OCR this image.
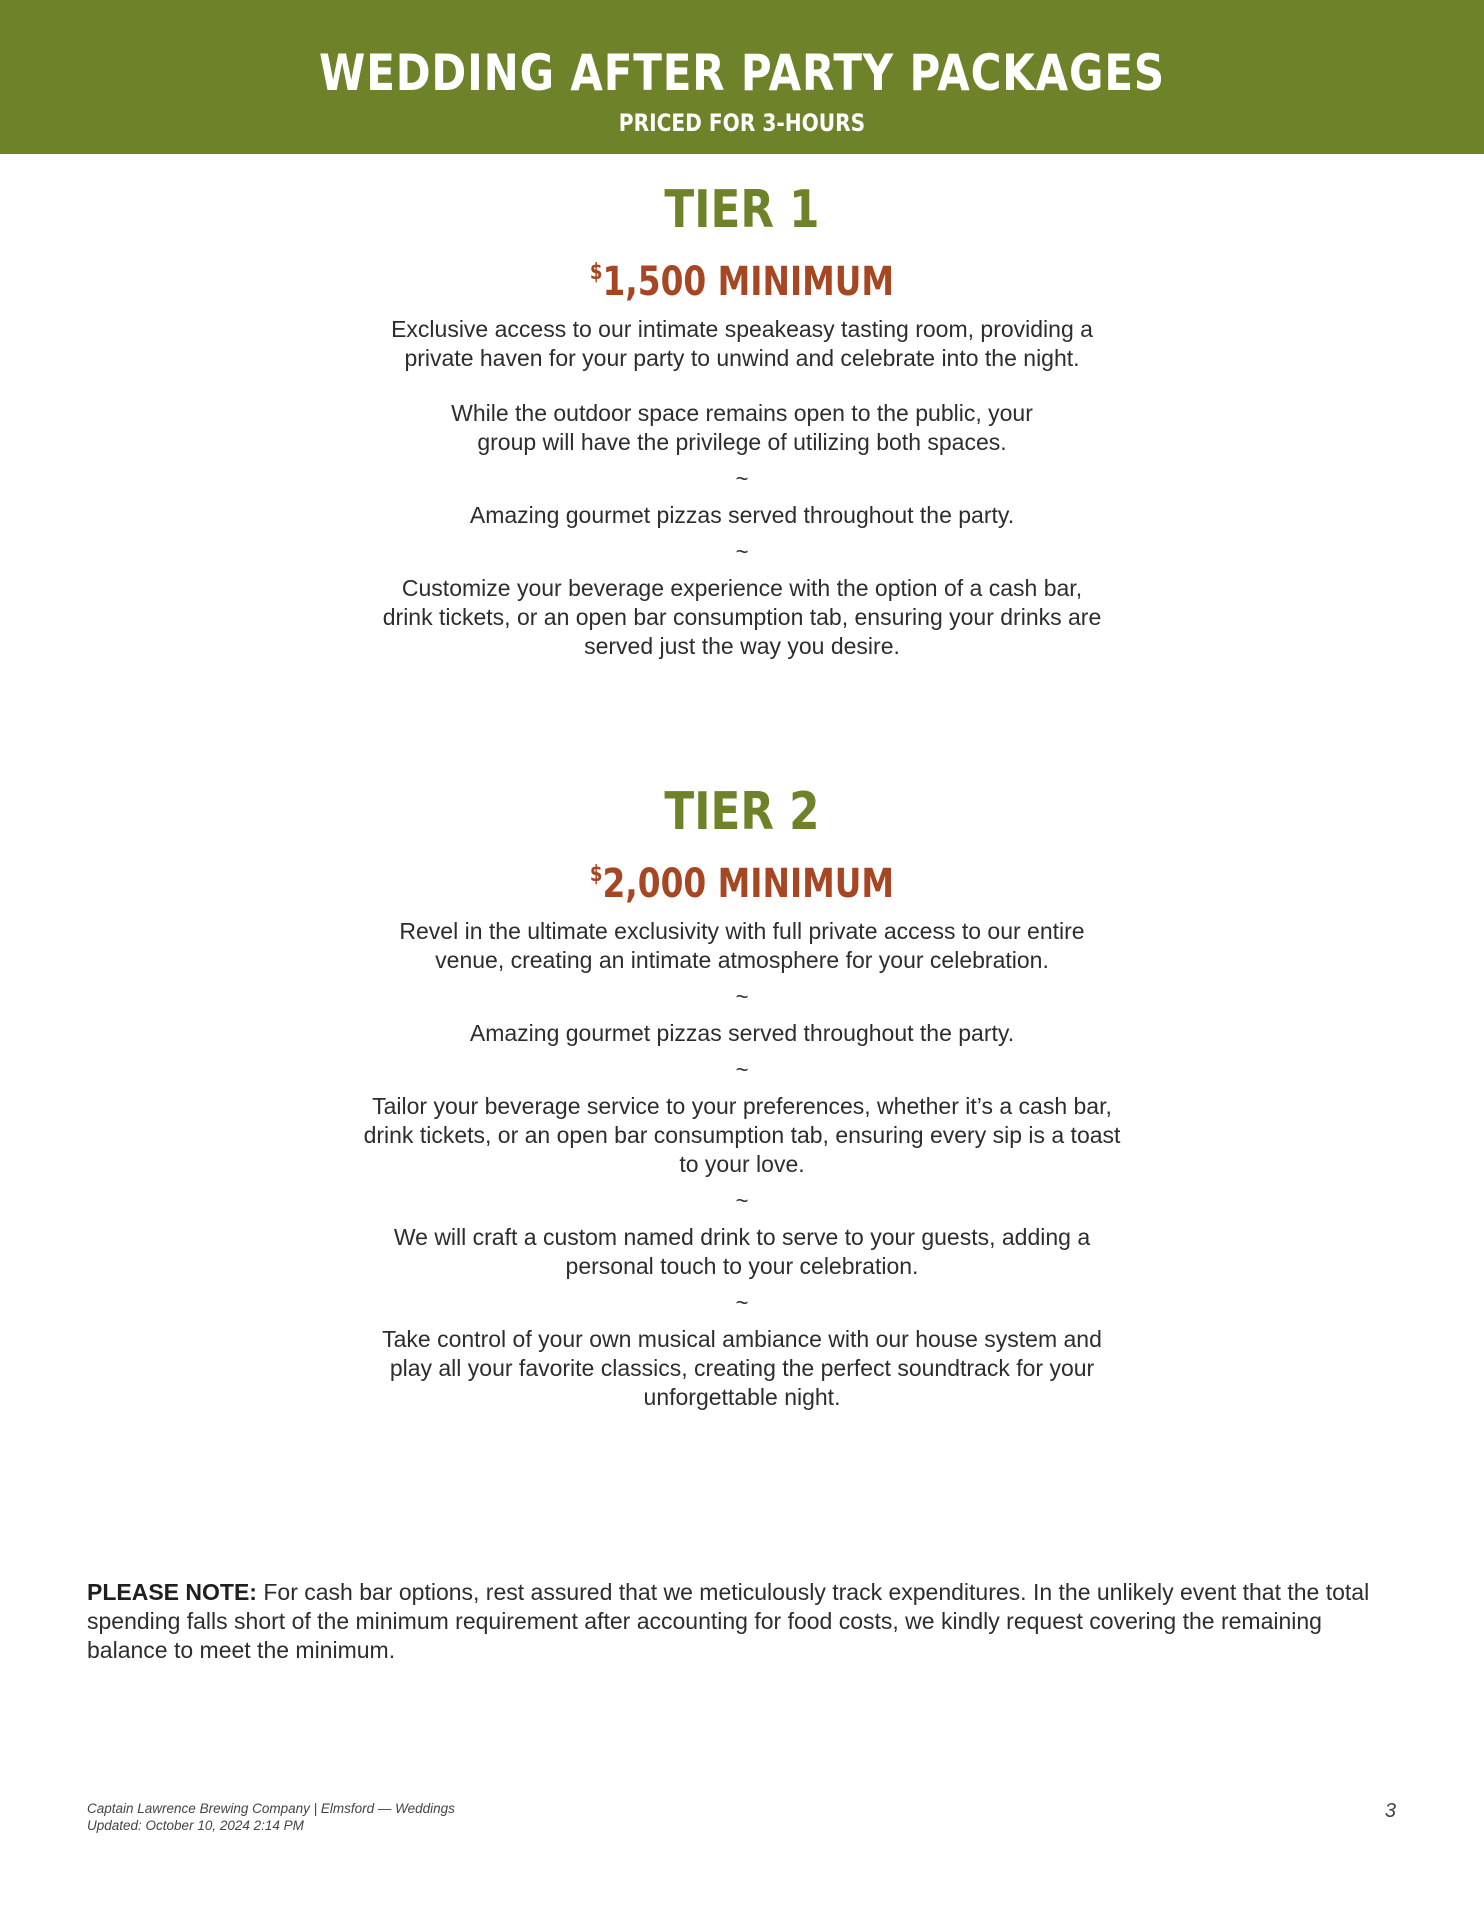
WEDDING AFTER PARTY PACKAGES
PRICED FOR 3-HOURS
TIER 1
$1,500 MINIMUM

Exclusive access to our intimate speakeasy tasting room, providing a private haven for your party to unwind and celebrate into the night.

While the outdoor space remains open to the public, your group will have the privilege of utilizing both spaces.

~

Amazing gourmet pizzas served throughout the party.

~

Customize your beverage experience with the option of a cash bar, drink tickets, or an open bar consumption tab, ensuring your drinks are served just the way you desire.

TIER 2
$2,000 MINIMUM

Revel in the ultimate exclusivity with full private access to our entire venue, creating an intimate atmosphere for your celebration.

~

Amazing gourmet pizzas served throughout the party.

~

Tailor your beverage service to your preferences, whether it’s a cash bar, drink tickets, or an open bar consumption tab, ensuring every sip is a toast to your love.

~

We will craft a custom named drink to serve to your guests, adding a personal touch to your celebration.

~

Take control of your own musical ambiance with our house system and play all your favorite classics, creating the perfect soundtrack for your unforgettable night.

PLEASE NOTE: For cash bar options, rest assured that we meticulously track expenditures. In the unlikely event that the total spending falls short of the minimum requirement after accounting for food costs, we kindly request covering the remaining balance to meet the minimum.
Captain Lawrence Brewing Company | Elmsford — Weddings
Updated: October 10, 2024 2:14 PM
3
